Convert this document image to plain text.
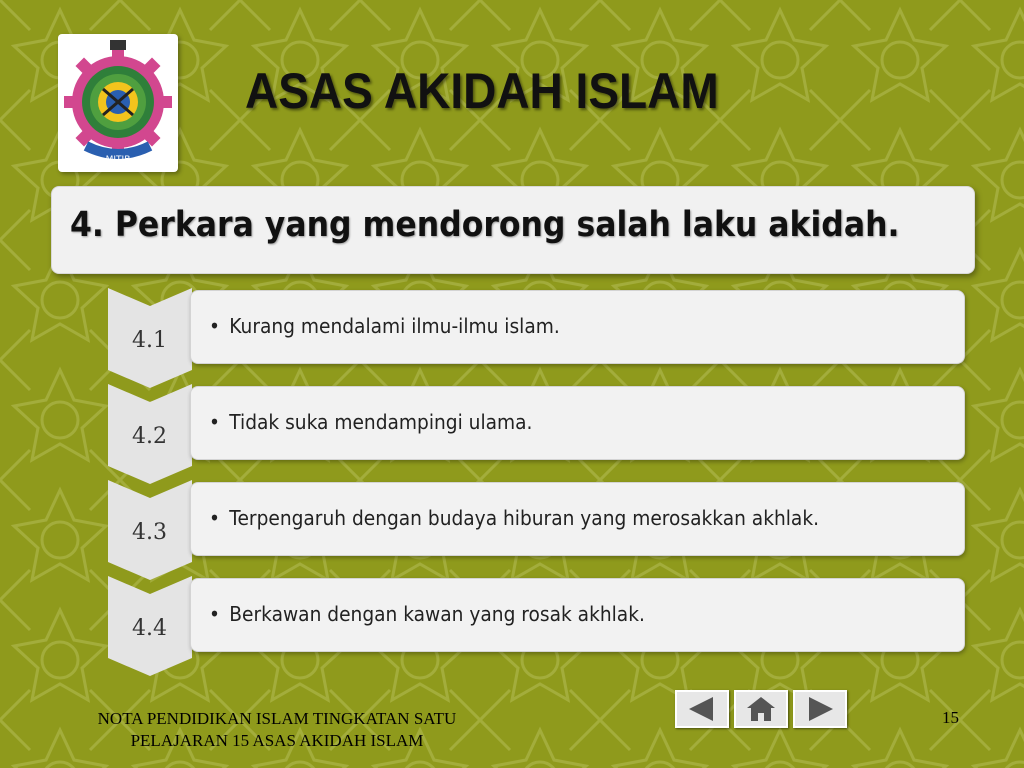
MITIB
ASAS AKIDAH ISLAM
4. Perkara yang mendorong salah laku akidah.
4.1
• Kurang mendalami ilmu-ilmu islam.
4.2
• Tidak suka mendampingi ulama.
4.3
• Terpengaruh dengan budaya hiburan yang merosakkan akhlak.
4.4
• Berkawan dengan kawan yang rosak akhlak.
NOTA PENDIDIKAN ISLAM TINGKATAN SATU
PELAJARAN 15 ASAS AKIDAH ISLAM
15
